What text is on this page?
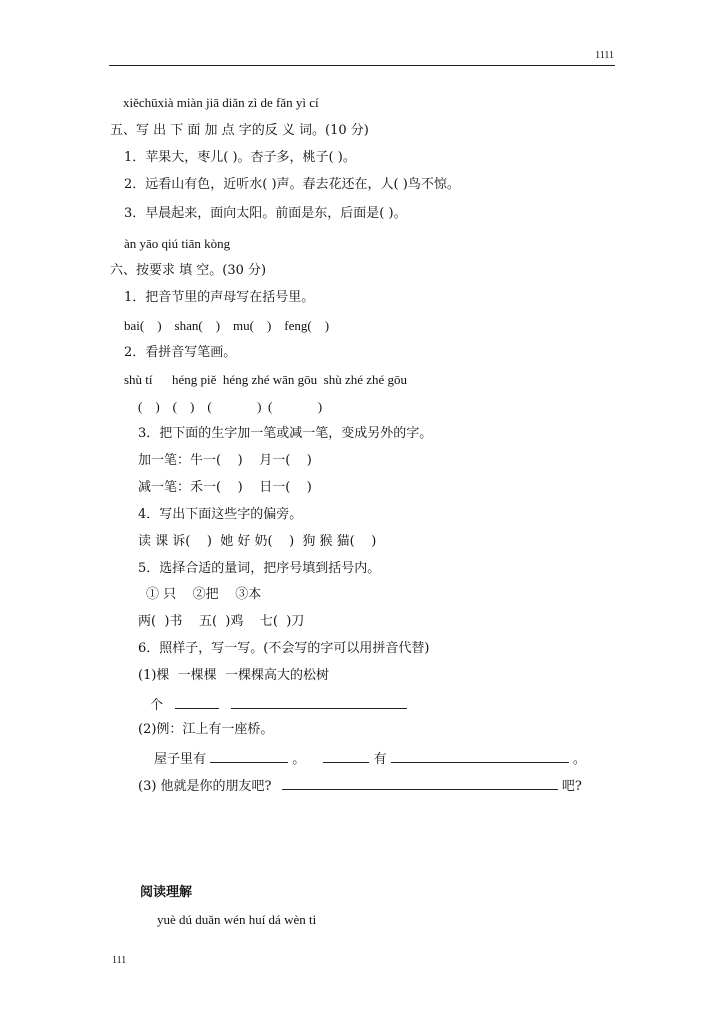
1111
xiěchūxià miàn jiā diǎn zì de fǎn yì cí
五、写 出 下 面 加 点 字的反 义 词。(10 分)
1．苹果大，枣儿( )。杏子多，桃子( )。
2．远看山有色，近听水( )声。春去花还在，人( )鸟不惊。
3．早晨起来，面向太阳。前面是东，后面是( )。
àn yāo qiú tiān kòng
六、按要求 填 空。(30 分)
1．把音节里的声母写在括号里。
bai(    )    shan(    )    mu(    )    feng(    )
2．看拼音写笔画。
shù tí      héng piě  héng zhé wān gōu  shù zhé zhé gōu
(    )    (    )    (              )  (              )
3．把下面的生字加一笔或减一笔，变成另外的字。
加一笔：牛一(    )    月一(    )
减一笔：禾一(    )    日一(    )
4．写出下面这些字的偏旁。
读 课 诉(    )  她 好 奶(    )  狗 猴 猫(    )
5．选择合适的量词，把序号填到括号内。
① 只    ②把    ③本
两(  )书    五(  )鸡    七(  )刀
6．照样子，写一写。(不会写的字可以用拼音代替)
(1)棵  一棵棵  一棵棵高大的松树
个
(2)例：江上有一座桥。
屋子里有	。	有	。
(3) 他就是你的朋友吧?	吧?
阅读理解
yuè dú duǎn wén huí dá wèn ti
111
